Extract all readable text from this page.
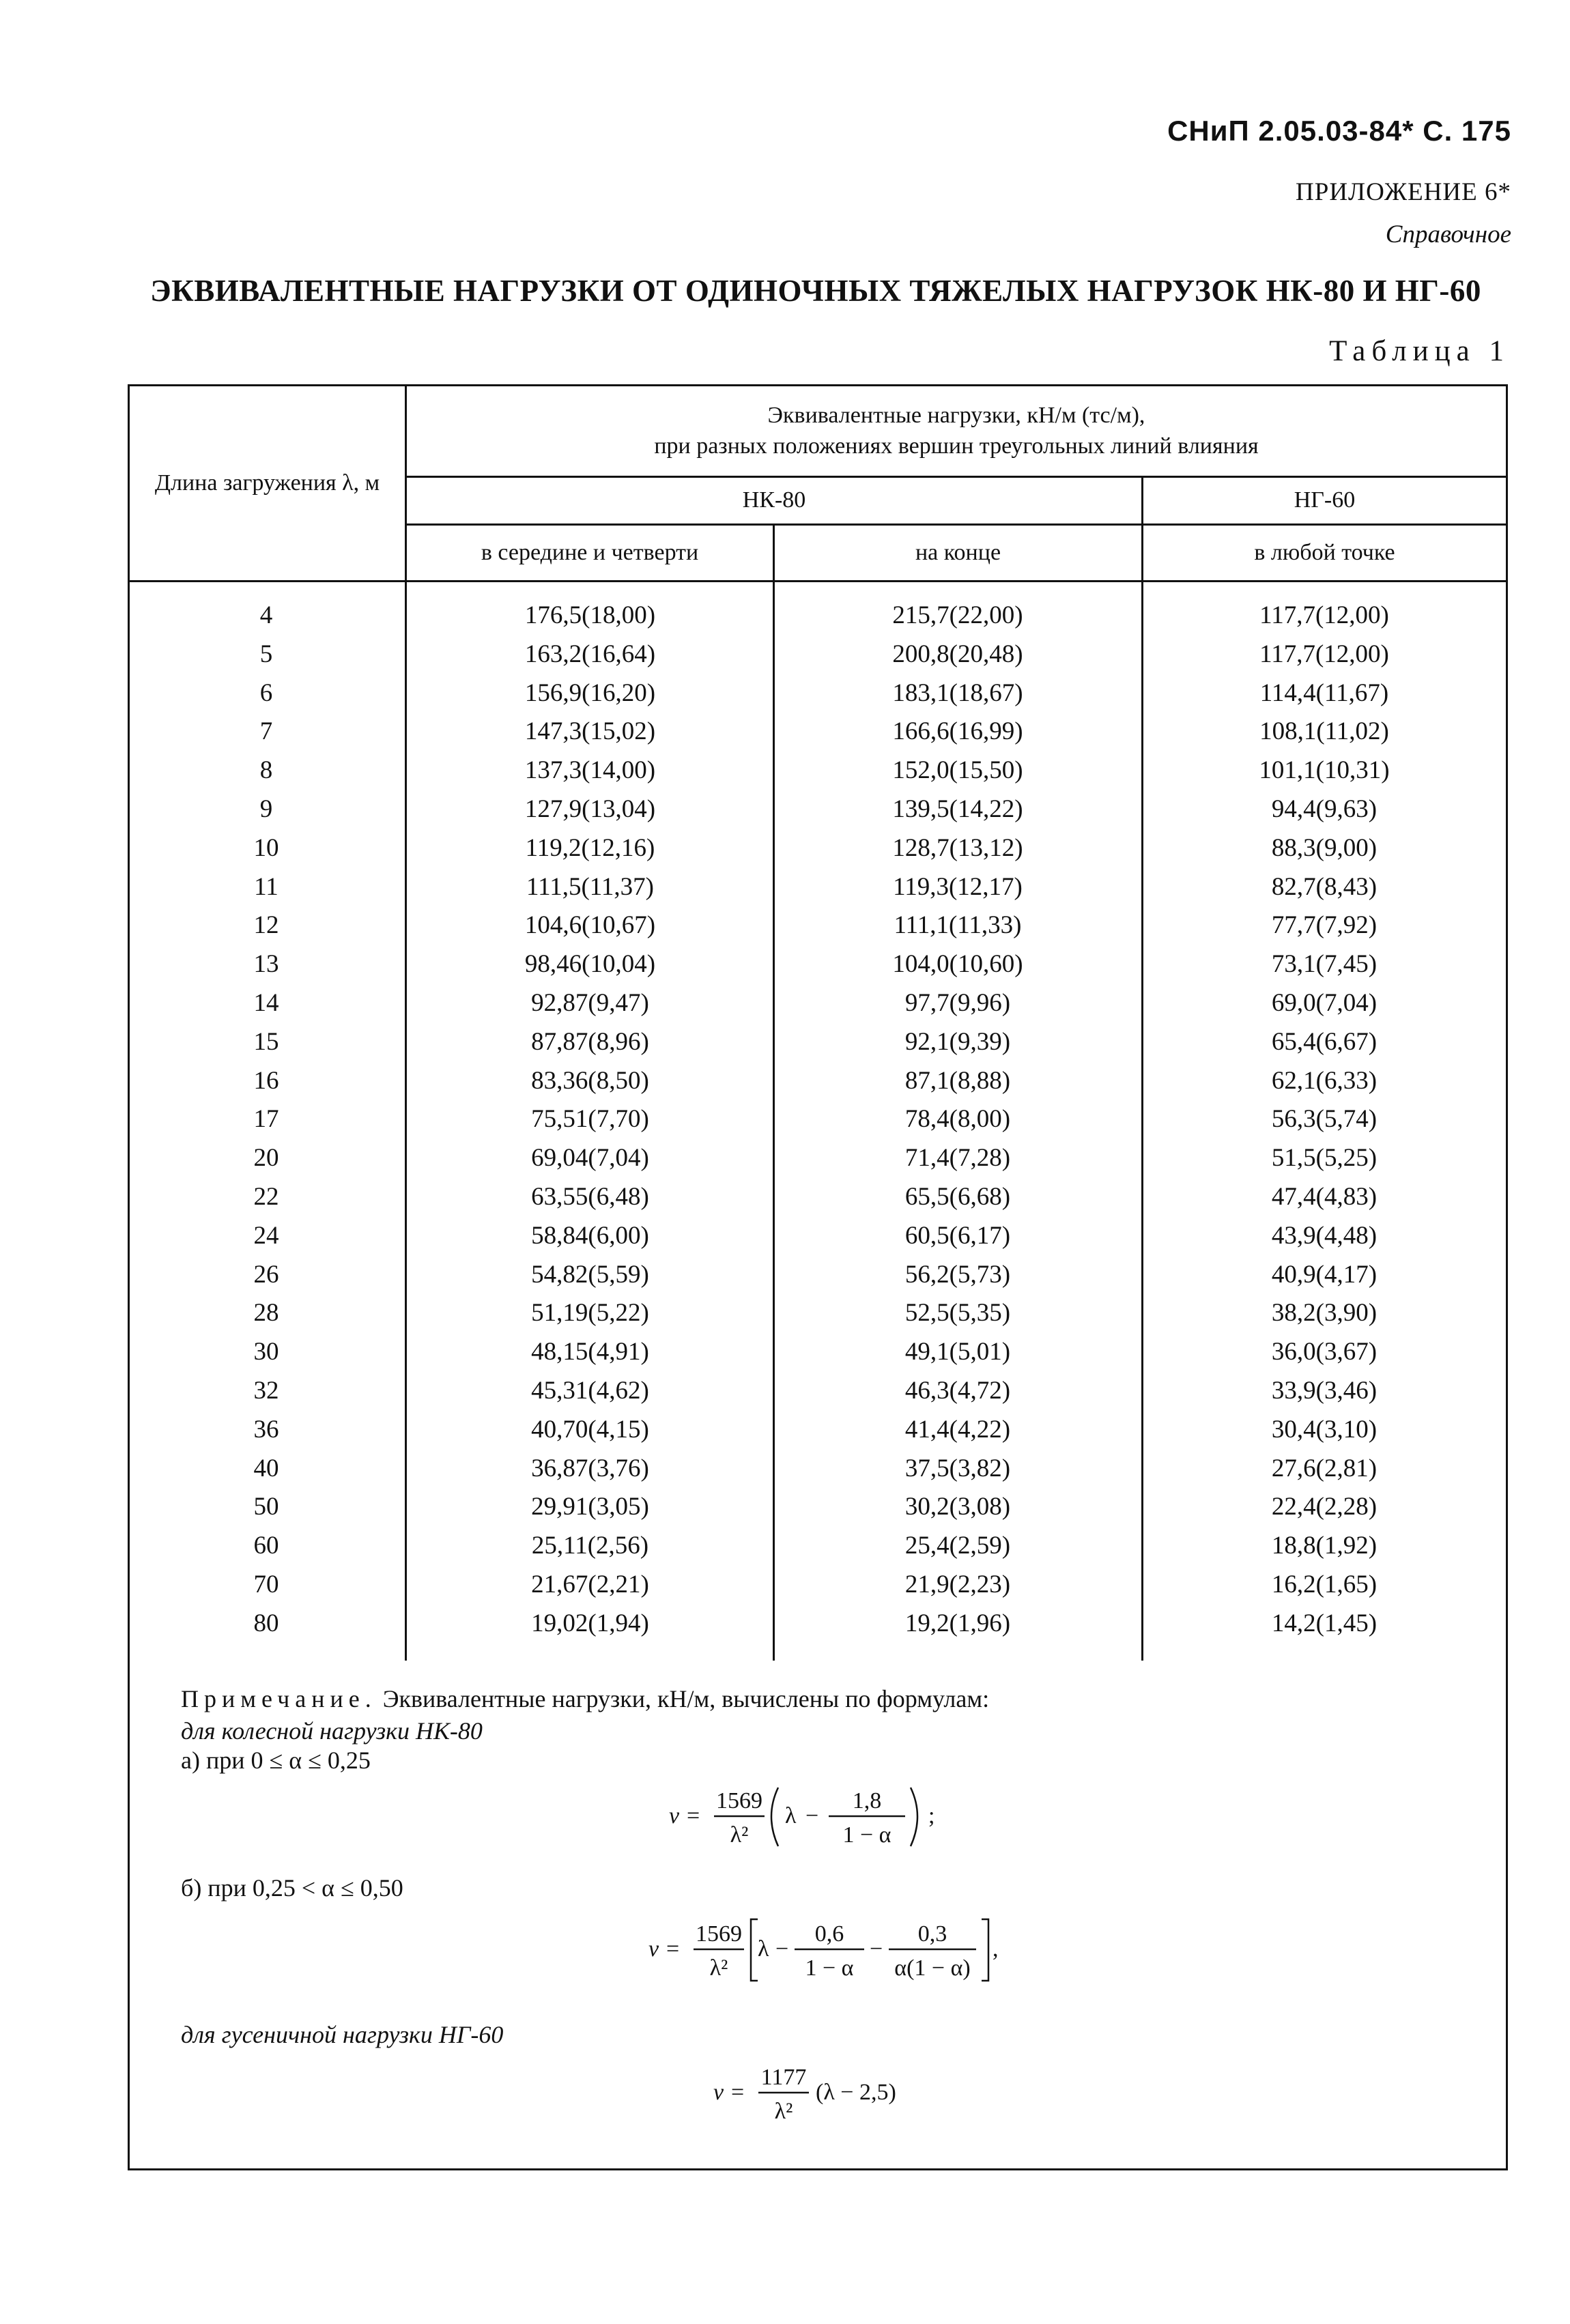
СНиП 2.05.03-84* С. 175
ПРИЛОЖЕНИЕ 6*
Справочное
ЭКВИВАЛЕНТНЫЕ НАГРУЗКИ ОТ ОДИНОЧНЫХ ТЯЖЕЛЫХ НАГРУЗОК НК-80 И НГ-60
Таблица 1
Длина загружения λ, м
Эквивалентные нагрузки, кН/м (тс/м),
при разных положениях вершин треугольных линий влияния
НК-80	НГ-60
в середине и четверти	на конце	в любой точке
4	176,5(18,00)	215,7(22,00)	117,7(12,00)
5	163,2(16,64)	200,8(20,48)	117,7(12,00)
6	156,9(16,20)	183,1(18,67)	114,4(11,67)
7	147,3(15,02)	166,6(16,99)	108,1(11,02)
8	137,3(14,00)	152,0(15,50)	101,1(10,31)
9	127,9(13,04)	139,5(14,22)	94,4(9,63)
10	119,2(12,16)	128,7(13,12)	88,3(9,00)
11	111,5(11,37)	119,3(12,17)	82,7(8,43)
12	104,6(10,67)	111,1(11,33)	77,7(7,92)
13	98,46(10,04)	104,0(10,60)	73,1(7,45)
14	92,87(9,47)	97,7(9,96)	69,0(7,04)
15	87,87(8,96)	92,1(9,39)	65,4(6,67)
16	83,36(8,50)	87,1(8,88)	62,1(6,33)
17	75,51(7,70)	78,4(8,00)	56,3(5,74)
20	69,04(7,04)	71,4(7,28)	51,5(5,25)
22	63,55(6,48)	65,5(6,68)	47,4(4,83)
24	58,84(6,00)	60,5(6,17)	43,9(4,48)
26	54,82(5,59)	56,2(5,73)	40,9(4,17)
28	51,19(5,22)	52,5(5,35)	38,2(3,90)
30	48,15(4,91)	49,1(5,01)	36,0(3,67)
32	45,31(4,62)	46,3(4,72)	33,9(3,46)
36	40,70(4,15)	41,4(4,22)	30,4(3,10)
40	36,87(3,76)	37,5(3,82)	27,6(2,81)
50	29,91(3,05)	30,2(3,08)	22,4(2,28)
60	25,11(2,56)	25,4(2,59)	18,8(1,92)
70	21,67(2,21)	21,9(2,23)	16,2(1,65)
80	19,02(1,94)	19,2(1,96)	14,2(1,45)
Примечание. Эквивалентные нагрузки, кН/м, вычислены по формулам:
для колесной нагрузки НК-80
а) при 0 ≤ α ≤ 0,25
v =
1569
λ²
λ −
1,8
1 − α
;
б) при 0,25 < α ≤ 0,50
v =
1569
λ²
λ −
0,6
1 − α
−
0,3
α(1 − α)
,
для гусеничной нагрузки НГ-60
v =
1177
λ²
(λ − 2,5)
